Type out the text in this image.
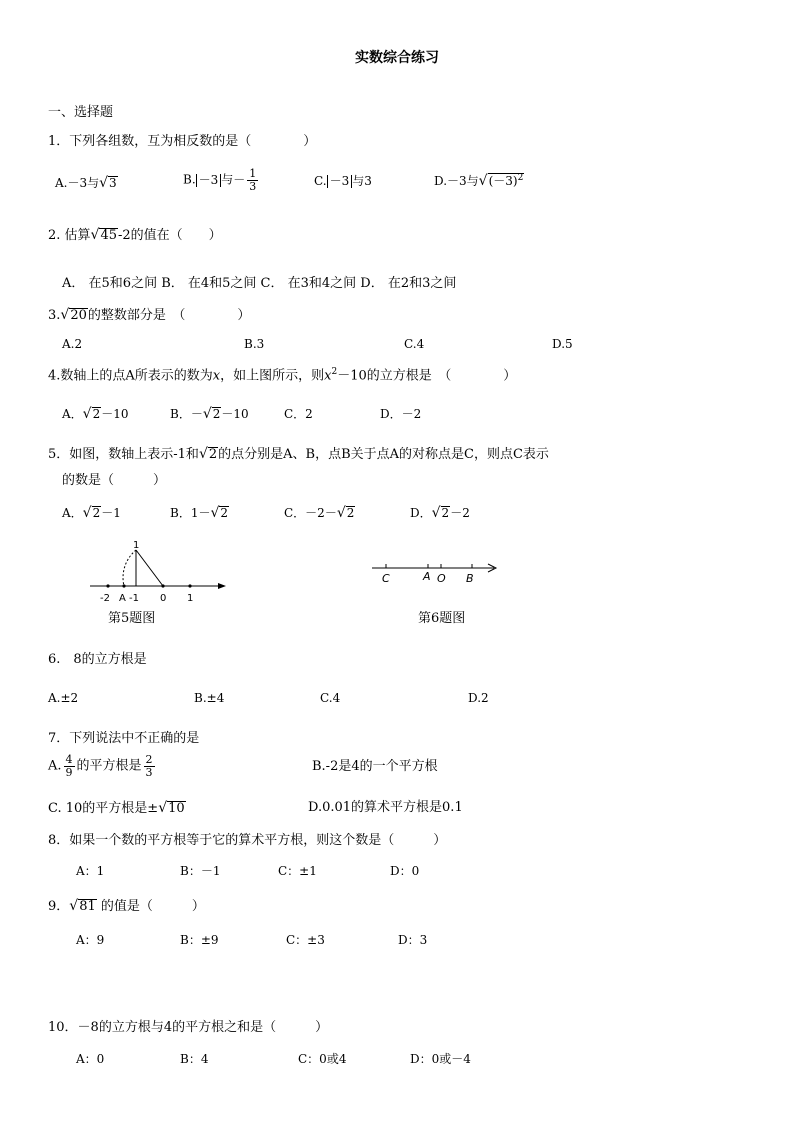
实数综合练习
一、选择题
1．下列各组数，互为相反数的是（　　　　）
A.－3与√3	B. －3 与－ $\frac{1}{3}$	C. －3 与3	D.－3与$√(-3)^2$
2. 估算√45-2的值在（　　）
A． 在5和6之间 B． 在4和5之间 C． 在3和4之间 D． 在2和3之间
3.√20的整数部分是　（　　　　）
A.2	B.3	C.4	D.5
4.数轴上的点A所表示的数为x，如上图所示，则$x^2-10$的立方根是　（　　　　）
A．√2－10	B．－√2－10	C．2	D．－2
5．如图，数轴上表示-1和√2的点分别是A、B，点B关于点A的对称点是C，则点C表示
的数是（　　　）
A．√2－1	B．1－√2	C．－2－√2	D．√2－2
1
-2 A -1 0 1
第5题图
C	A O B
第6题图
6.　8的立方根是
A.±2	B.±4	C.4	D.2
7．下列说法中不正确的是
A. $\frac{4}{9}$ 的平方根是 $\frac{2}{3}$	B.-2是4的一个平方根
C. 10的平方根是±√10	D.0.01的算术平方根是0.1
8．如果一个数的平方根等于它的算术平方根，则这个数是（　　　）
A：1	B：－1	C：±1	D：0
9．√81 的值是（　　　）
A：9	B：±9	C：±3	D：3
10．－8的立方根与4的平方根之和是（　　　）
A：0	B：4	C：0或4	D：0或－4
